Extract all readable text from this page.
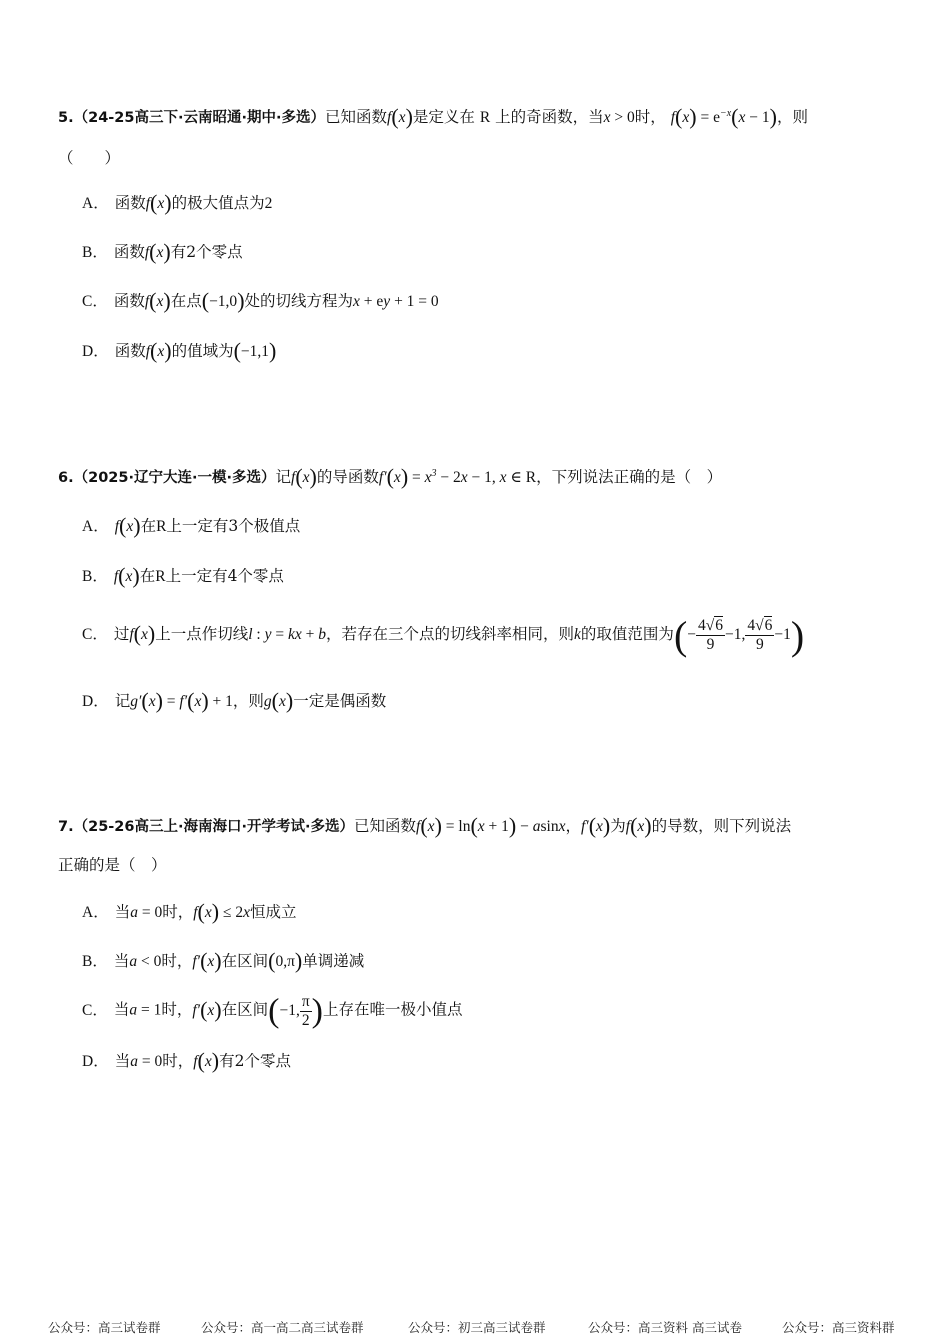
5.（24-25高三下·云南昭通·期中·多选）已知函数f(x)是定义在 R 上的奇函数，当x > 0时， $f(x) = e^{-x}(x - 1)$，则

（　　）

A． 函数f(x)的极大值点为2
B． 函数f(x)有2个零点
C． 函数f(x)在点(−1,0)处的切线方程为x + ey + 1 = 0
D． 函数f(x)的值域为(−1,1)

6.（2025·辽宁大连·一模·多选）记f(x)的导函数$f'(x) = x^3 - 2x - 1$, x ∈ R，下列说法正确的是（　）

A． f(x)在R上一定有3个极值点
B． f(x)在R上一定有4个零点
C． 过f(x)上一点作切线l : y = kx + b，若存在三个点的切线斜率相同，则k的取值范围为(− $\frac{4√6}{9} -1$, $\frac{4√6}{9} -1$)
D． 记g′(x) = f′(x) + 1，则g(x)一定是偶函数

7.（25-26高三上·海南海口·开学考试·多选）已知函数f(x) = ln(x + 1) − asinx，f′(x)为f(x)的导数，则下列说法

正确的是（　）

A． 当a = 0时，f(x) ≤ 2x恒成立
B． 当a < 0时，f′(x)在区间(0,π)单调递减
C． 当a = 1时，f′(x)在区间(−1, $\frac{\pi}{2}$ )上存在唯一极小值点
D． 当a = 0时，f(x)有2个零点
公众号：高三试卷群	公众号：高一高二高三试卷群	公众号：初三高三试卷群	公众号：高三资料 高三试卷	公众号：高三资料群
